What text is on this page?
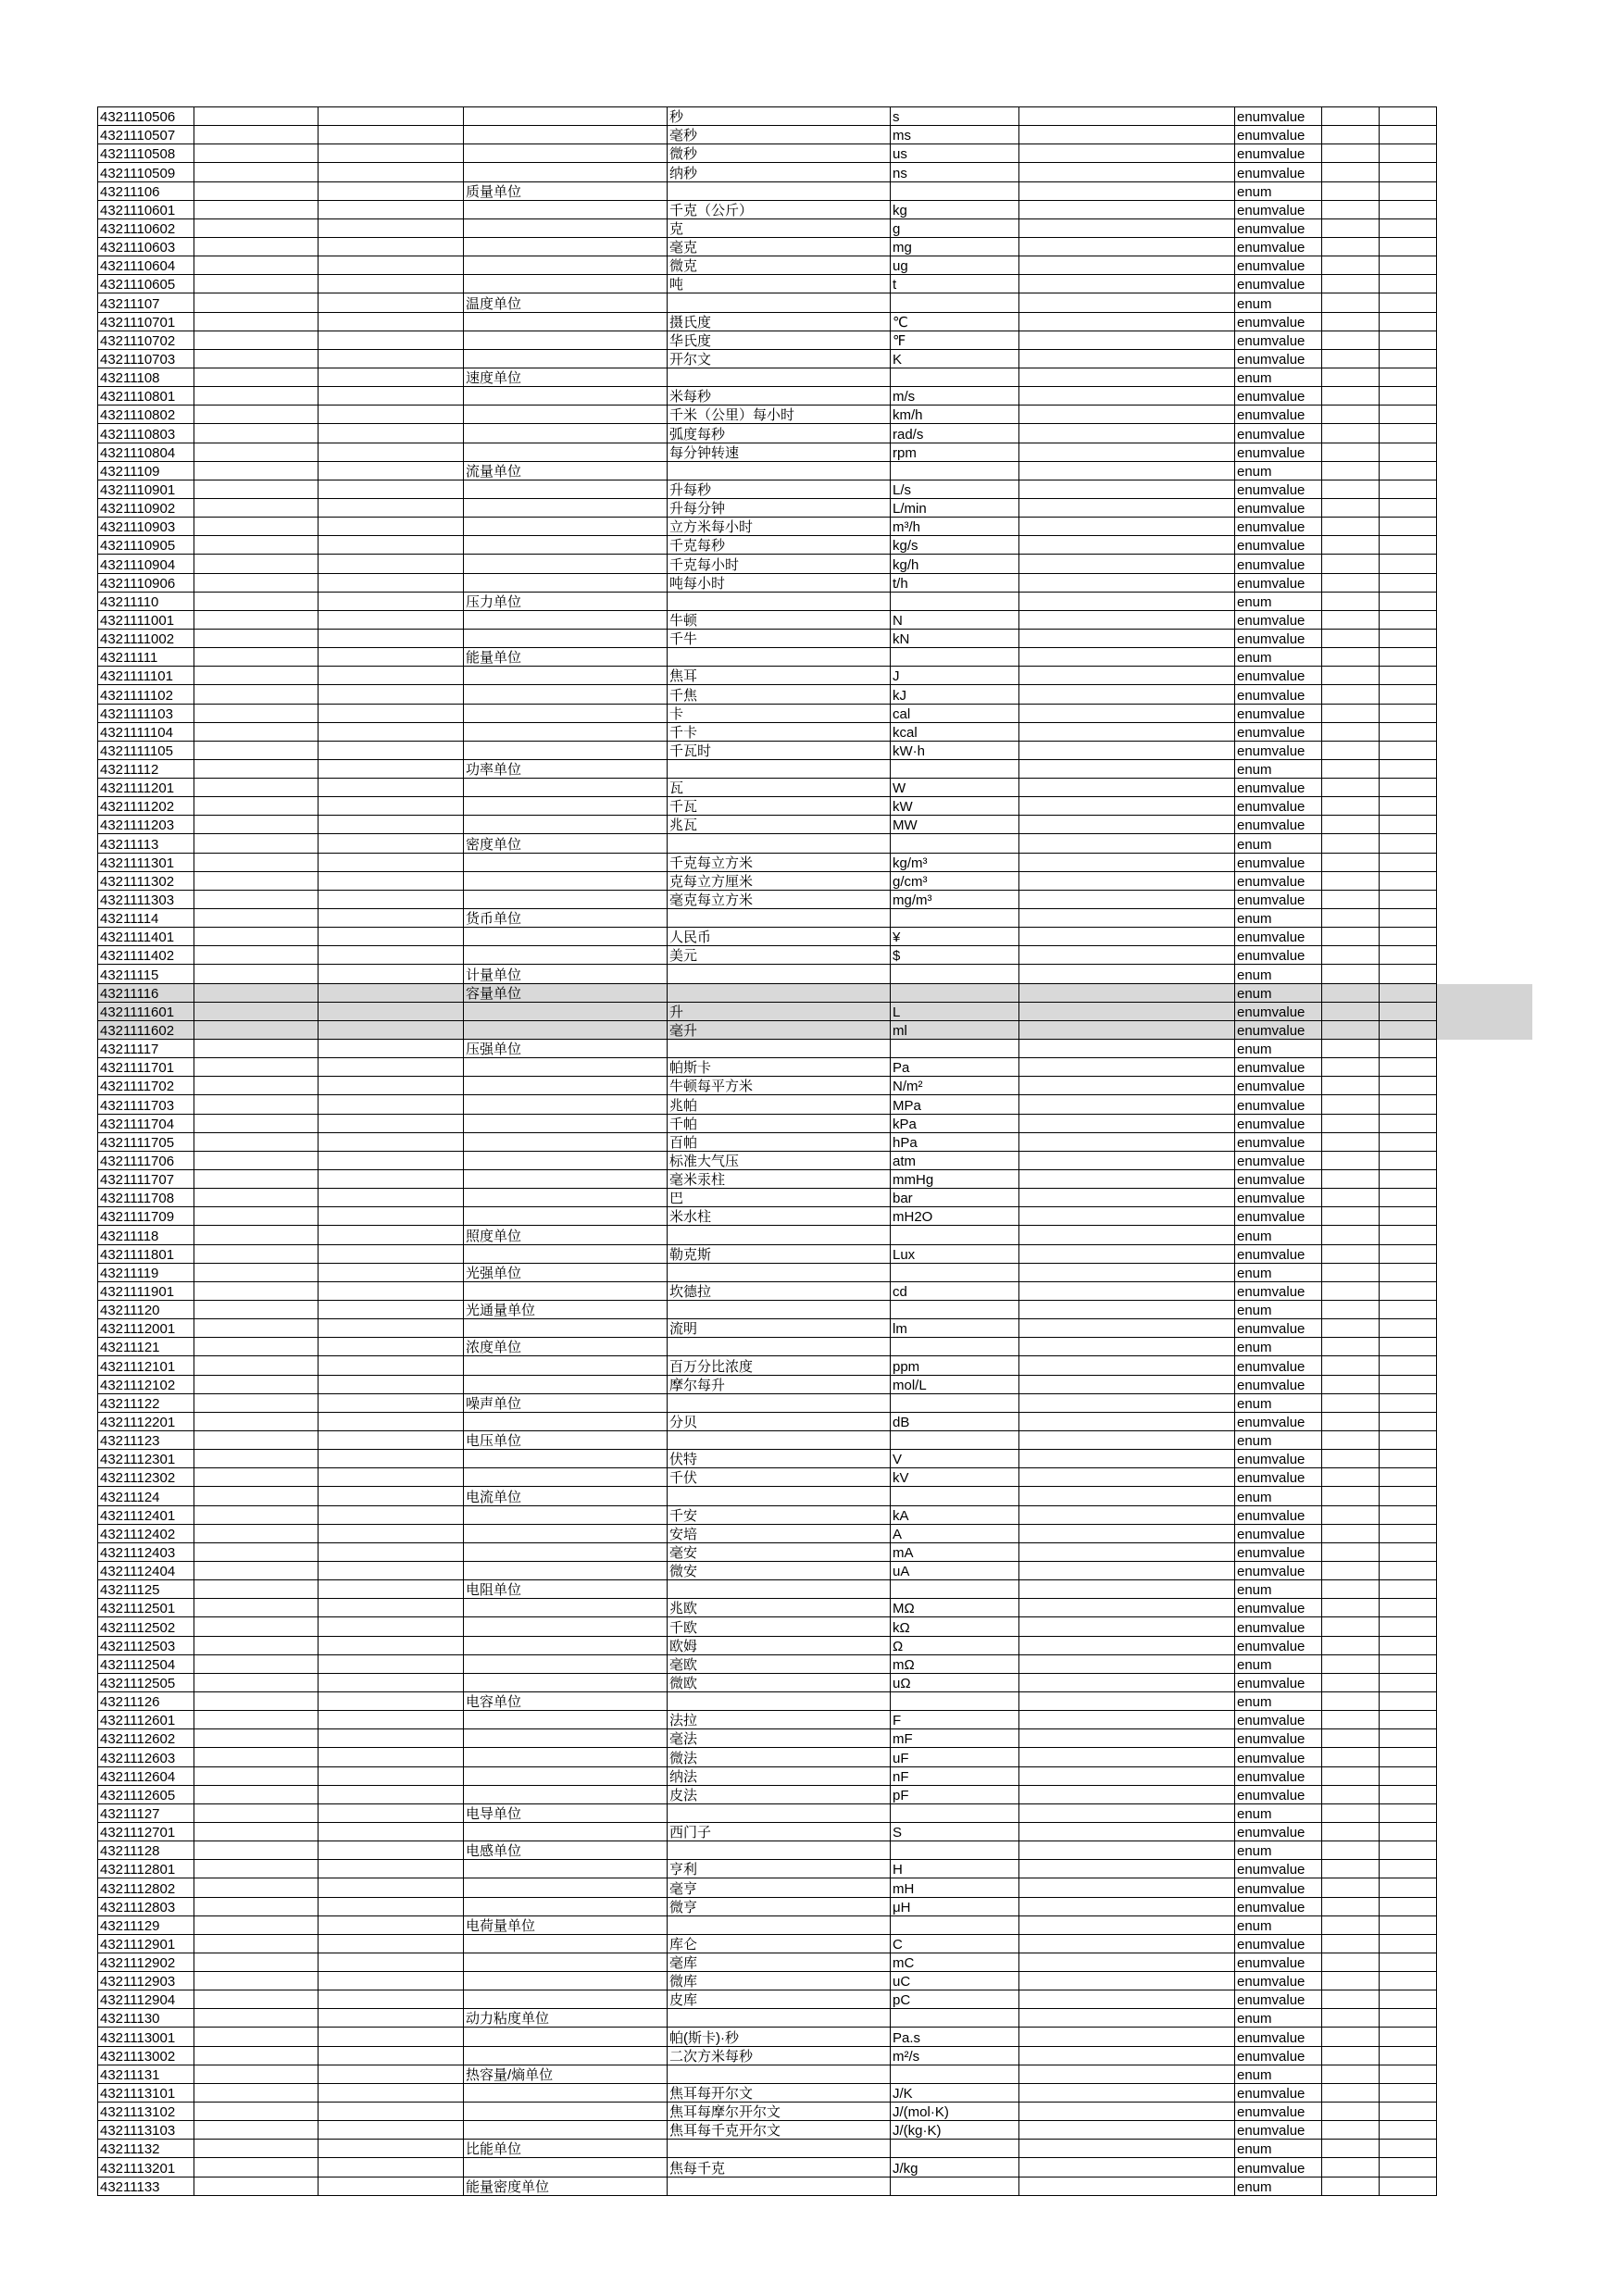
4321110506	秒	s	enumvalue
4321110507	毫秒	ms	enumvalue
4321110508	微秒	us	enumvalue
4321110509	纳秒	ns	enumvalue
43211106	质量单位	enum
4321110601	千克（公斤）	kg	enumvalue
4321110602	克	g	enumvalue
4321110603	毫克	mg	enumvalue
4321110604	微克	ug	enumvalue
4321110605	吨	t	enumvalue
43211107	温度单位	enum
4321110701	摄氏度	℃	enumvalue
4321110702	华氏度	℉	enumvalue
4321110703	开尔文	K	enumvalue
43211108	速度单位	enum
4321110801	米每秒	m/s	enumvalue
4321110802	千米（公里）每小时	km/h	enumvalue
4321110803	弧度每秒	rad/s	enumvalue
4321110804	每分钟转速	rpm	enumvalue
43211109	流量单位	enum
4321110901	升每秒	L/s	enumvalue
4321110902	升每分钟	L/min	enumvalue
4321110903	立方米每小时	m³/h	enumvalue
4321110905	千克每秒	kg/s	enumvalue
4321110904	千克每小时	kg/h	enumvalue
4321110906	吨每小时	t/h	enumvalue
43211110	压力单位	enum
4321111001	牛顿	N	enumvalue
4321111002	千牛	kN	enumvalue
43211111	能量单位	enum
4321111101	焦耳	J	enumvalue
4321111102	千焦	kJ	enumvalue
4321111103	卡	cal	enumvalue
4321111104	千卡	kcal	enumvalue
4321111105	千瓦时	kW·h	enumvalue
43211112	功率单位	enum
4321111201	瓦	W	enumvalue
4321111202	千瓦	kW	enumvalue
4321111203	兆瓦	MW	enumvalue
43211113	密度单位	enum
4321111301	千克每立方米	kg/m³	enumvalue
4321111302	克每立方厘米	g/cm³	enumvalue
4321111303	毫克每立方米	mg/m³	enumvalue
43211114	货币单位	enum
4321111401	人民币	¥	enumvalue
4321111402	美元	$	enumvalue
43211115	计量单位	enum
43211116	容量单位	enum
4321111601	升	L	enumvalue
4321111602	毫升	ml	enumvalue
43211117	压强单位	enum
4321111701	帕斯卡	Pa	enumvalue
4321111702	牛顿每平方米	N/m²	enumvalue
4321111703	兆帕	MPa	enumvalue
4321111704	千帕	kPa	enumvalue
4321111705	百帕	hPa	enumvalue
4321111706	标准大气压	atm	enumvalue
4321111707	毫米汞柱	mmHg	enumvalue
4321111708	巴	bar	enumvalue
4321111709	米水柱	mH2O	enumvalue
43211118	照度单位	enum
4321111801	勒克斯	Lux	enumvalue
43211119	光强单位	enum
4321111901	坎德拉	cd	enumvalue
43211120	光通量单位	enum
4321112001	流明	lm	enumvalue
43211121	浓度单位	enum
4321112101	百万分比浓度	ppm	enumvalue
4321112102	摩尔每升	mol/L	enumvalue
43211122	噪声单位	enum
4321112201	分贝	dB	enumvalue
43211123	电压单位	enum
4321112301	伏特	V	enumvalue
4321112302	千伏	kV	enumvalue
43211124	电流单位	enum
4321112401	千安	kA	enumvalue
4321112402	安培	A	enumvalue
4321112403	毫安	mA	enumvalue
4321112404	微安	uA	enumvalue
43211125	电阻单位	enum
4321112501	兆欧	MΩ	enumvalue
4321112502	千欧	kΩ	enumvalue
4321112503	欧姆	Ω	enumvalue
4321112504	毫欧	mΩ	enum
4321112505	微欧	uΩ	enumvalue
43211126	电容单位	enum
4321112601	法拉	F	enumvalue
4321112602	毫法	mF	enumvalue
4321112603	微法	uF	enumvalue
4321112604	纳法	nF	enumvalue
4321112605	皮法	pF	enumvalue
43211127	电导单位	enum
4321112701	西门子	S	enumvalue
43211128	电感单位	enum
4321112801	亨利	H	enumvalue
4321112802	毫亨	mH	enumvalue
4321112803	微亨	μH	enumvalue
43211129	电荷量单位	enum
4321112901	库仑	C	enumvalue
4321112902	毫库	mC	enumvalue
4321112903	微库	uC	enumvalue
4321112904	皮库	pC	enumvalue
43211130	动力粘度单位	enum
4321113001	帕(斯卡)·秒	Pa.s	enumvalue
4321113002	二次方米每秒	m²/s	enumvalue
43211131	热容量/熵单位	enum
4321113101	焦耳每开尔文	J/K	enumvalue
4321113102	焦耳每摩尔开尔文	J/(mol·K)	enumvalue
4321113103	焦耳每千克开尔文	J/(kg·K)	enumvalue
43211132	比能单位	enum
4321113201	焦每千克	J/kg	enumvalue
43211133	能量密度单位	enum
